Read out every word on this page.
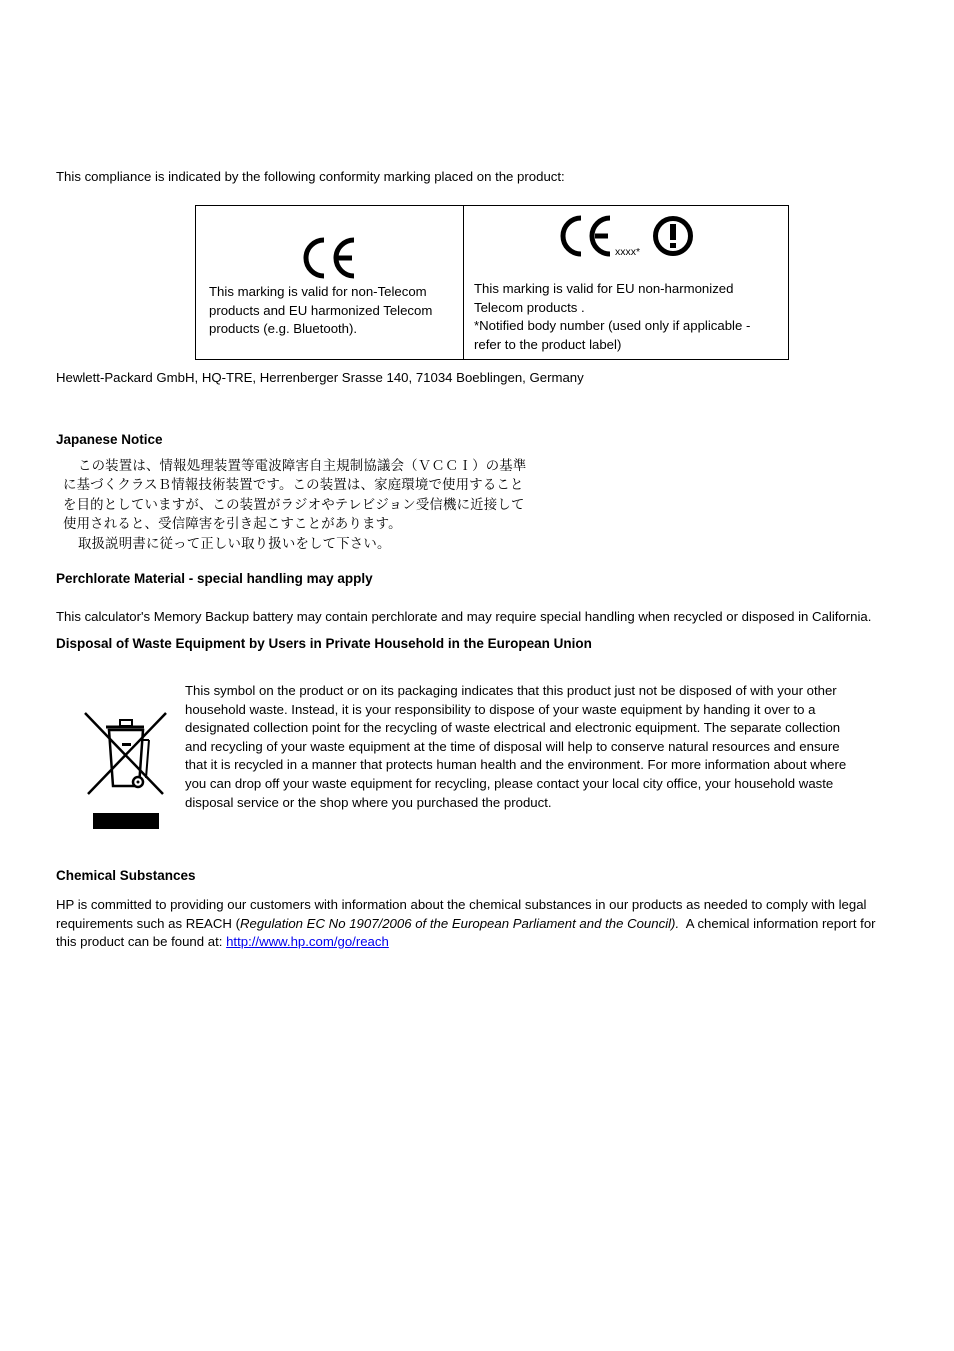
This compliance is indicated by the following conformity marking placed on the product:

This marking is valid for non-Telecom

products and EU harmonized Telecom

products (e.g. Bluetooth).

xxxx*

This marking is valid for EU non-harmonized

Telecom products .

*Notified body number (used only if applicable -

refer to the product label)

Hewlett-Packard GmbH, HQ-TRE, Herrenberger Srasse 140, 71034 Boeblingen, Germany

Japanese Notice

この装置は、情報処理装置等電波障害自主規制協議会（ＶＣＣＩ）の基準

に基づくクラスＢ情報技術装置です。この装置は、家庭環境で使用すること

を目的としていますが、この装置がラジオやテレビジョン受信機に近接して

使用されると、受信障害を引き起こすことがあります。

取扱説明書に従って正しい取り扱いをして下さい。

Perchlorate Material - special handling may apply

This calculator's Memory Backup battery may contain perchlorate and may require special handling when recycled or disposed in California.

Disposal of Waste Equipment by Users in Private Household in the European Union

This symbol on the product or on its packaging indicates that this product just not be disposed of with your other

household waste. Instead, it is your responsibility to dispose of your waste equipment by handing it over to a

designated collection point for the recycling of waste electrical and electronic equipment. The separate collection

and recycling of your waste equipment at the time of disposal will help to conserve natural resources and ensure

that it is recycled in a manner that protects human health and the environment. For more information about where

you can drop off your waste equipment for recycling, please contact your local city office, your household waste

disposal service or the shop where you purchased the product.

Chemical Substances

HP is committed to providing our customers with information about the chemical substances in our products as needed to comply with legal

requirements such as REACH (Regulation EC No 1907/2006 of the European Parliament and the Council).  A chemical information report for

this product can be found at: http://www.hp.com/go/reach
